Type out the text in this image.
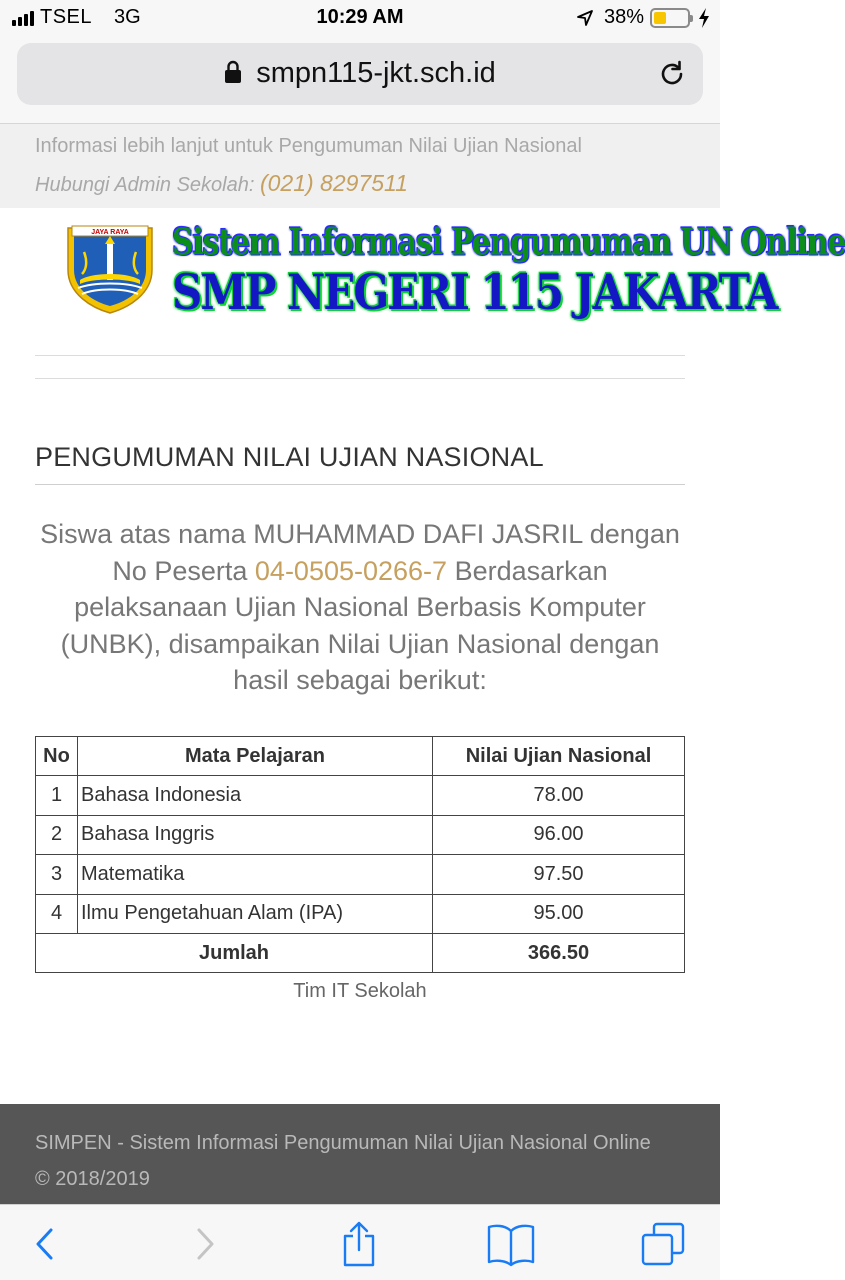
TSEL 3G	10:29 AM	38%
smpn115-jkt.sch.id
Informasi lebih lanjut untuk Pengumuman Nilai Ujian Nasional
Hubungi Admin Sekolah: (021) 8297511
JAYA RAYA Sistem Informasi Pengumuman UN Online
SMP NEGERI 115 JAKARTA
PENGUMUMAN NILAI UJIAN NASIONAL
Siswa atas nama MUHAMMAD DAFI JASRIL dengan No Peserta 04-0505-0266-7 Berdasarkan pelaksanaan Ujian Nasional Berbasis Komputer (UNBK), disampaikan Nilai Ujian Nasional dengan hasil sebagai berikut:
No	Mata Pelajaran	Nilai Ujian Nasional
1	Bahasa Indonesia	78.00
2	Bahasa Inggris	96.00
3	Matematika	97.50
4	Ilmu Pengetahuan Alam (IPA)	95.00
Jumlah		366.50
Tim IT Sekolah
SIMPEN - Sistem Informasi Pengumuman Nilai Ujian Nasional Online
© 2018/2019
